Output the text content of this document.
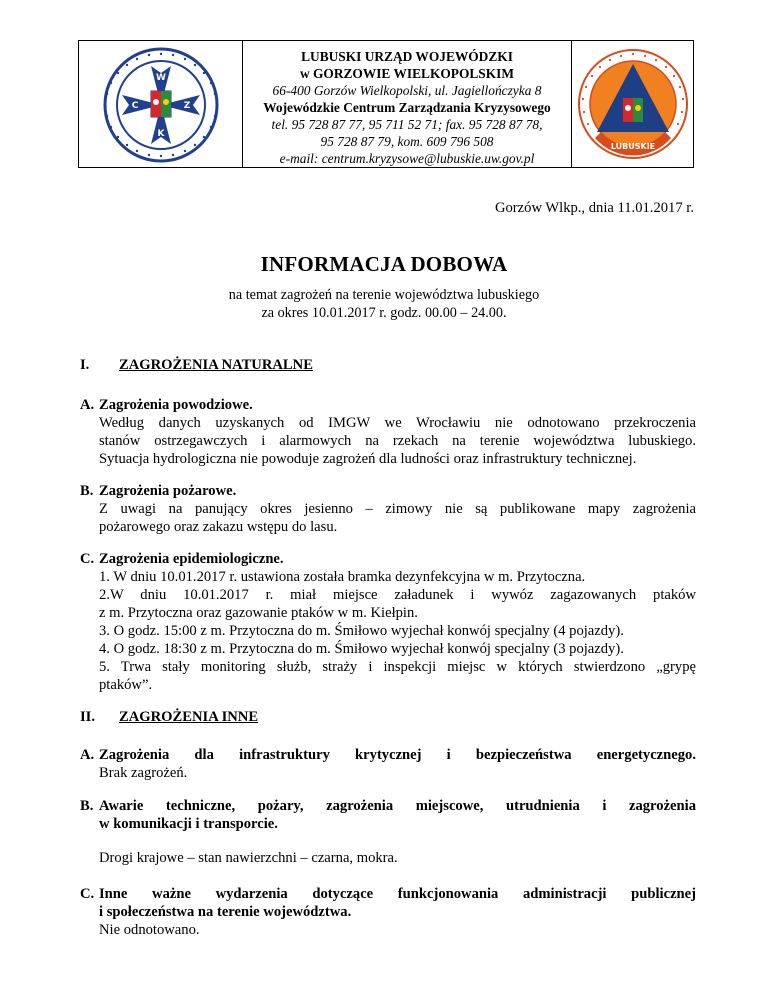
W
C	Z
K
LUBUSKI URZĄD WOJEWÓDZKI
w GORZOWIE WIELKOPOLSKIM
66-400 Gorzów Wielkopolski, ul. Jagiellończyka 8
Wojewódzkie Centrum Zarządzania Kryzysowego
tel. 95 728 87 77, 95 711 52 71; fax. 95 728 87 78,
95 728 87 79, kom. 609 796 508
e-mail: centrum.kryzysowe@lubuskie.uw.gov.pl
LUBUSKIE
Gorzów Wlkp., dnia 11.01.2017 r.
INFORMACJA DOBOWA
na temat zagrożeń na terenie województwa lubuskiego
za okres 10.01.2017 r. godz. 00.00 – 24.00.
I. ZAGROŻENIA NATURALNE
A. Zagrożenia powodziowe.
Według danych uzyskanych od IMGW we Wrocławiu nie odnotowano przekroczenia
stanów ostrzegawczych i alarmowych na rzekach na terenie województwa lubuskiego.
Sytuacja hydrologiczna nie powoduje zagrożeń dla ludności oraz infrastruktury technicznej.
B. Zagrożenia pożarowe.
Z uwagi na panujący okres jesienno – zimowy nie są publikowane mapy zagrożenia
pożarowego oraz zakazu wstępu do lasu.
C. Zagrożenia epidemiologiczne.
1. W dniu 10.01.2017 r. ustawiona została bramka dezynfekcyjna w m. Przytoczna.
2.W dniu 10.01.2017 r. miał miejsce załadunek i wywóz zagazowanych ptaków
z m. Przytoczna oraz gazowanie ptaków w m. Kiełpin.
3. O godz. 15:00 z m. Przytoczna do m. Śmiłowo wyjechał konwój specjalny (4 pojazdy).
4. O godz. 18:30 z m. Przytoczna do m. Śmiłowo wyjechał konwój specjalny (3 pojazdy).
5. Trwa stały monitoring służb, straży i inspekcji miejsc w których stwierdzono „grypę
ptaków”.
II. ZAGROŻENIA INNE
A. Zagrożenia dla infrastruktury krytycznej i bezpieczeństwa energetycznego.
Brak zagrożeń.
B. Awarie techniczne, pożary, zagrożenia miejscowe, utrudnienia i zagrożenia
w komunikacji i transporcie.
Drogi krajowe – stan nawierzchni – czarna, mokra.
C. Inne ważne wydarzenia dotyczące funkcjonowania administracji publicznej
i społeczeństwa na terenie województwa.
Nie odnotowano.
